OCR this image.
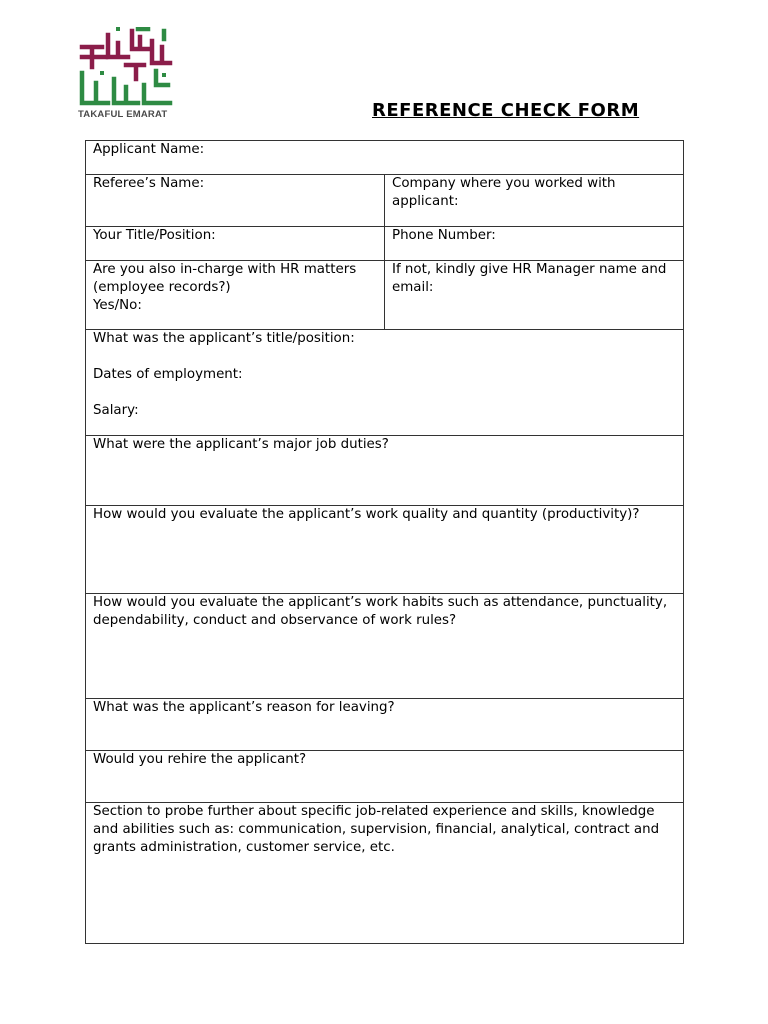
TAKAFUL EMARAT	REFERENCE CHECK FORM
Applicant Name:	

Referee’s Name:	Company where you worked with applicant:

Your Title/Position:	Phone Number:

Are you also in-charge with HR matters (employee records?)
Yes/No:	If not, kindly give HR Manager name and email:

What was the applicant’s title/position:
Dates of employment:
Salary:	

What were the applicant’s major job duties?	

How would you evaluate the applicant’s work quality and quantity (productivity)?	

How would you evaluate the applicant’s work habits such as attendance, punctuality, dependability, conduct and observance of work rules?	

What was the applicant’s reason for leaving?	

Would you rehire the applicant?	

Section to probe further about specific job-related experience and skills, knowledge and abilities such as: communication, supervision, financial, analytical, contract and grants administration, customer service, etc.	
